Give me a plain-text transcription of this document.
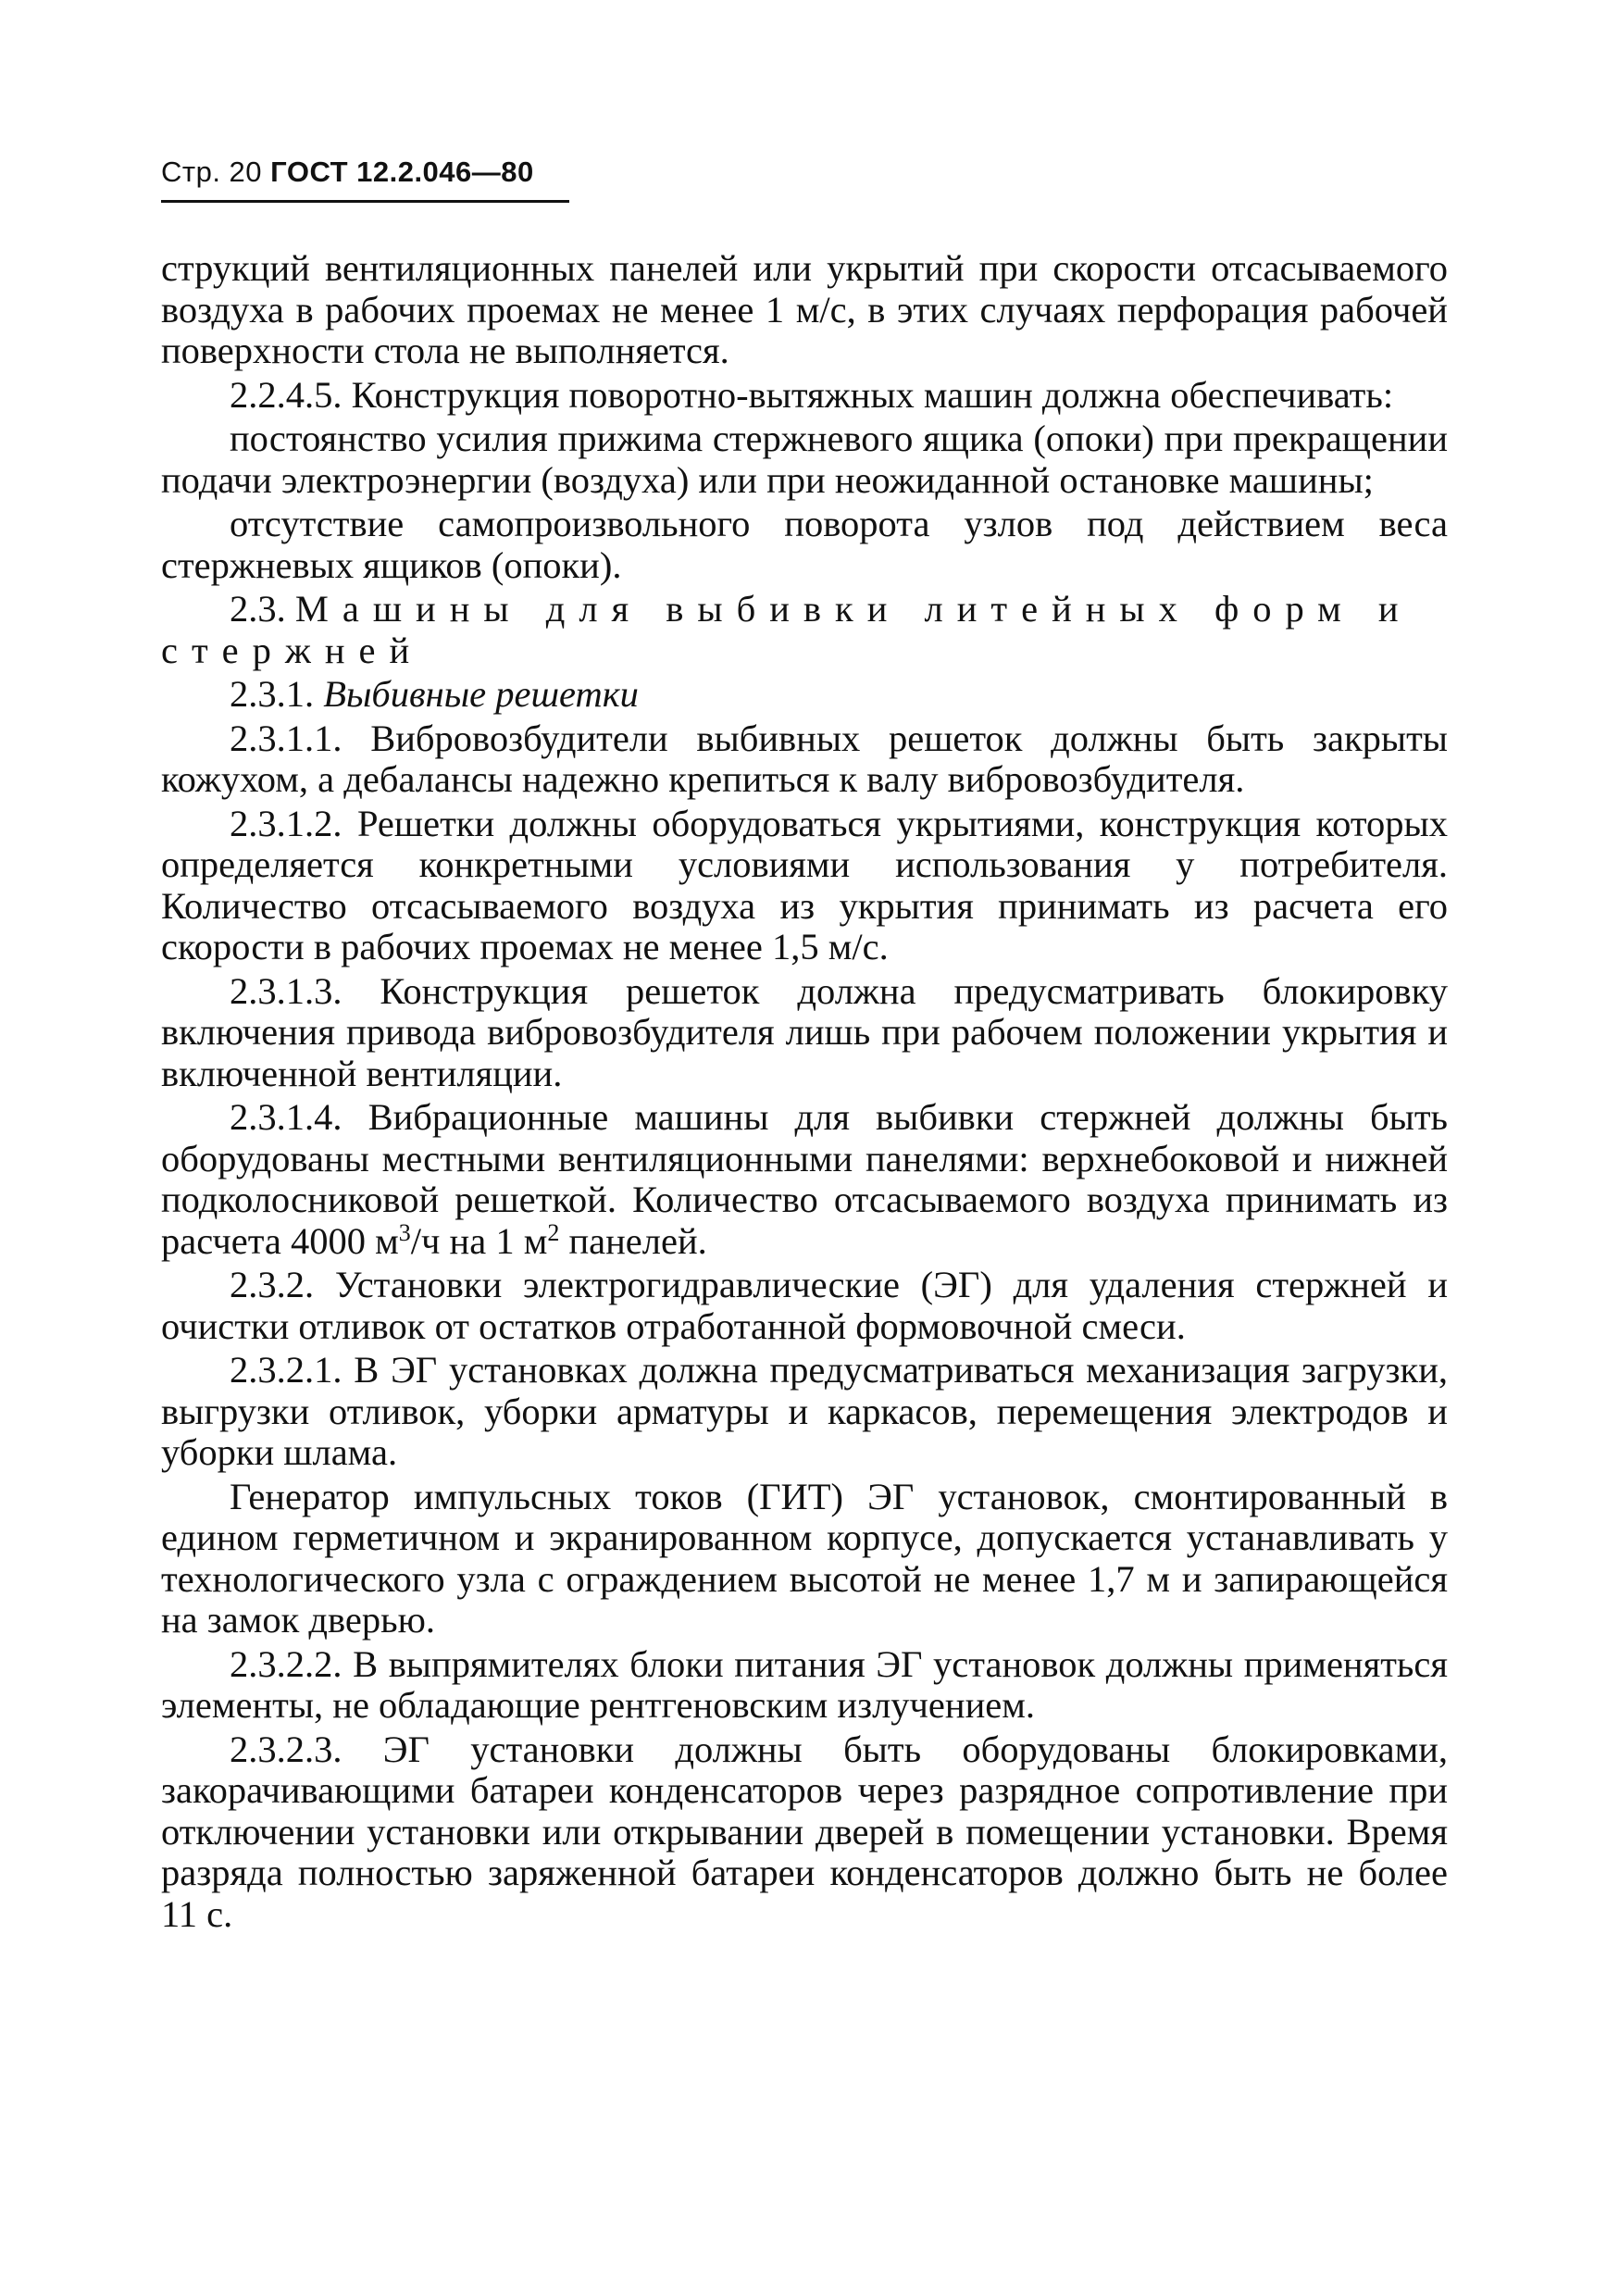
Стр. 20 ГОСТ 12.2.046—80

струкций вентиляционных панелей или укрытий при скорости отсасываемого воздуха в рабочих проемах не менее 1 м/с, в этих случаях перфорация рабочей поверхности стола не выполняется.

2.2.4.5. Конструкция поворотно-вытяжных машин должна обеспечивать:

постоянство усилия прижима стержневого ящика (опоки) при прекращении подачи электроэнергии (воздуха) или при неожиданной остановке машины;

отсутствие самопроизвольного поворота узлов под действием веса стержневых ящиков (опоки).

2.3. Машины для выбивки литейных форм и стержней

2.3.1. Выбивные решетки

2.3.1.1. Вибровозбудители выбивных решеток должны быть закрыты кожухом, а дебалансы надежно крепиться к валу вибровозбудителя.

2.3.1.2. Решетки должны оборудоваться укрытиями, конструкция которых определяется конкретными условиями использования у потребителя. Количество отсасываемого воздуха из укрытия принимать из расчета его скорости в рабочих проемах не менее 1,5 м/с.

2.3.1.3. Конструкция решеток должна предусматривать блокировку включения привода вибровозбудителя лишь при рабочем положении укрытия и включенной вентиляции.

2.3.1.4. Вибрационные машины для выбивки стержней должны быть оборудованы местными вентиляционными панелями: верхнебоковой и нижней подколосниковой решеткой. Количество отсасываемого воздуха принимать из расчета 4000 $м^3/ч$ на 1 $м^2$ панелей.

2.3.2. Установки электрогидравлические (ЭГ) для удаления стержней и очистки отливок от остатков отработанной формовочной смеси.

2.3.2.1. В ЭГ установках должна предусматриваться механизация загрузки, выгрузки отливок, уборки арматуры и каркасов, перемещения электродов и уборки шлама.

Генератор импульсных токов (ГИТ) ЭГ установок, смонтированный в едином герметичном и экранированном корпусе, допускается устанавливать у технологического узла с ограждением высотой не менее 1,7 м и запирающейся на замок дверью.

2.3.2.2. В выпрямителях блоки питания ЭГ установок должны применяться элементы, не обладающие рентгеновским излучением.

2.3.2.3. ЭГ установки должны быть оборудованы блокировками, закорачивающими батареи конденсаторов через разрядное сопротивление при отключении установки или открывании дверей в помещении установки. Время разряда полностью заряженной батареи конденсаторов должно быть не более 11 с.
